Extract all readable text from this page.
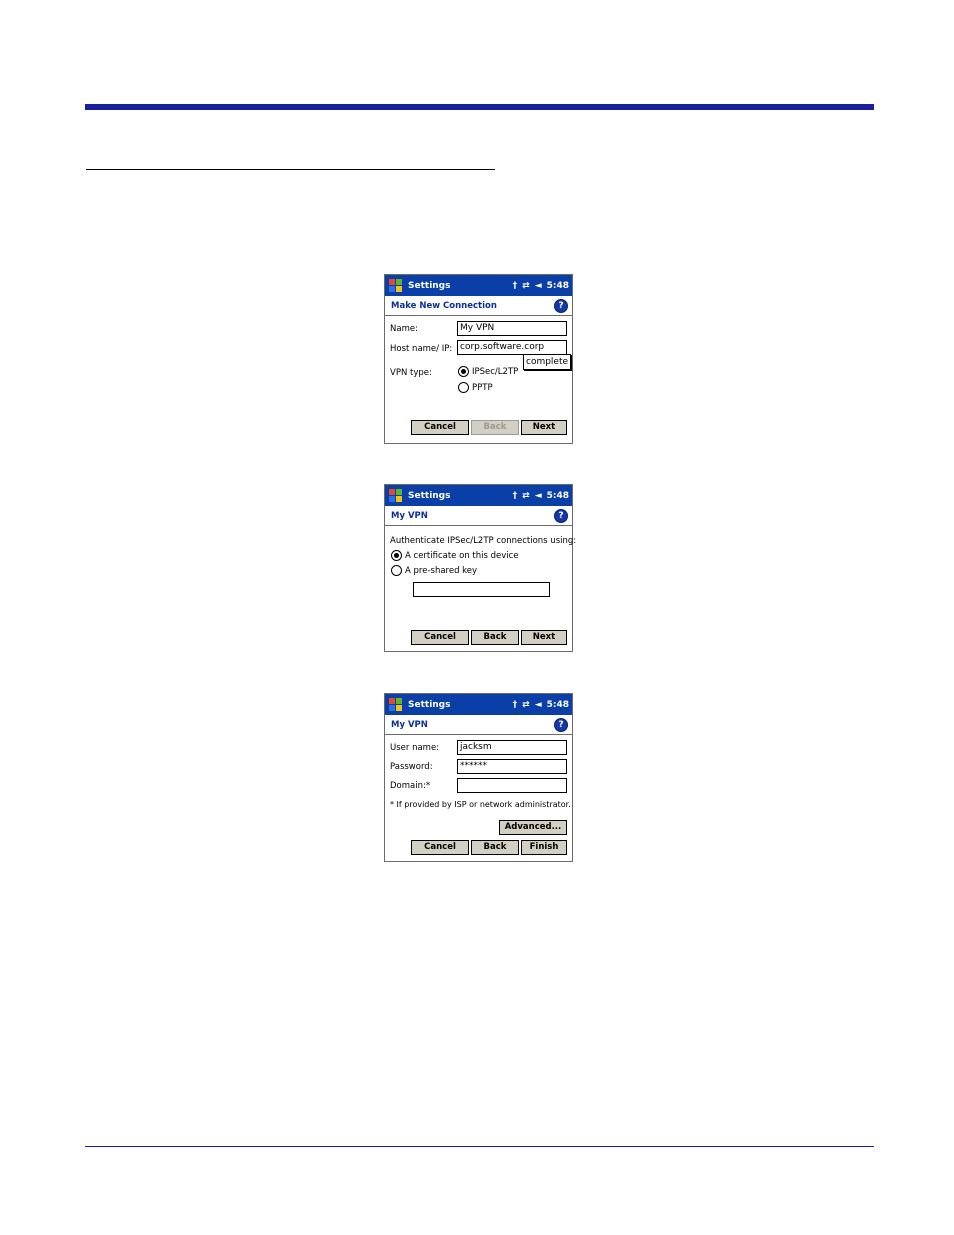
Settings	† ⇄ ◄ 5:48
Make New Connection	?
Name:	My VPN
Host name/ IP: corp.software.corp
complete
VPN type:	IPSec/L2TP
PPTP
Cancel	Back	Next
Settings	† ⇄ ◄ 5:48
My VPN	?
Authenticate IPSec/L2TP connections using:
A certificate on this device
A pre-shared key
Cancel	Back	Next
Settings	† ⇄ ◄ 5:48
My VPN	?
User name:	jacksm
Password:	******
Domain:*
* If provided by ISP or network administrator.
Advanced...
Cancel	Back	Finish
